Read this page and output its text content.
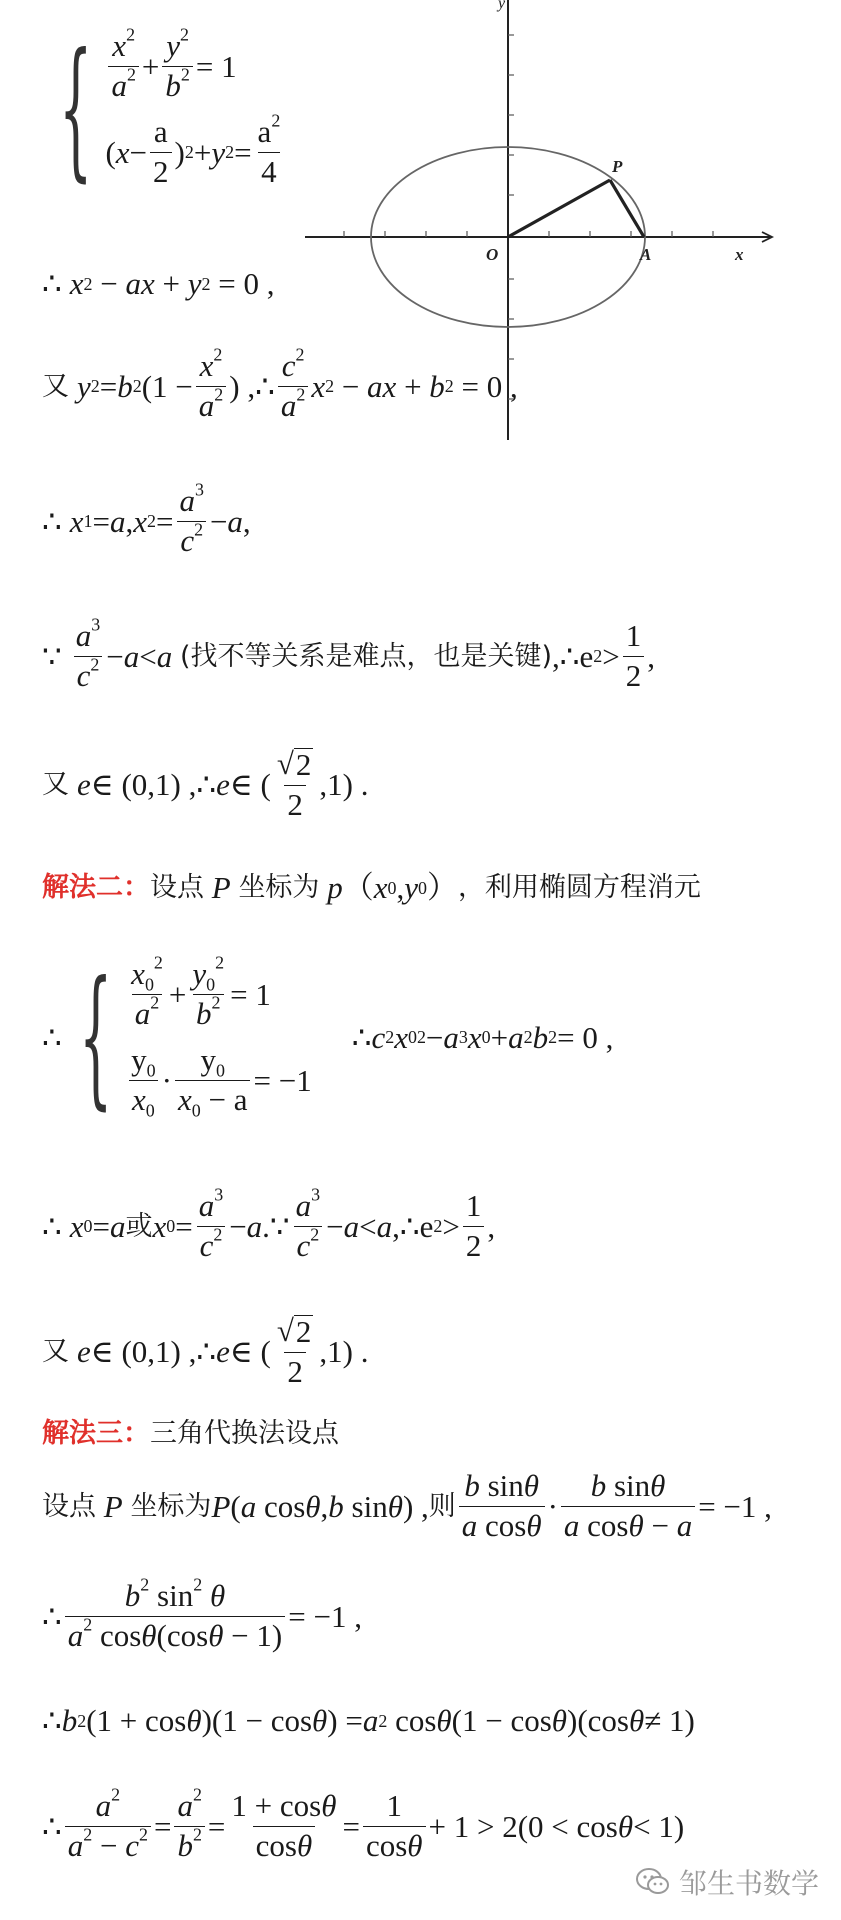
y
O
P
A	x
{ $\frac{x^2}{a^2} + \frac{y^2}{b^2} = 1$
( $x - \frac{a}{2}$ ) 2 + y $2 = \frac{a^2}{4}$
∴ x 2 − ax + y 2 = 0 ,
又 y 2 = b 2 ($1 - \frac{x^2}{a^2}$ ) , ∴ $\frac{c^2}{a^2}$ x 2 − ax + b 2 = 0 ,
∴ x 1 = a , x $2 = \frac{a^3}{c^2} - a$ ,
∵ $\frac{a^3}{c^2} - a < a$
(找不等关系是难点，也是关键) , ∴ e $2 > \frac{1}{2}$ ,
又 e ∈ (0,1) , ∴ e ∈ ( $\frac{√ 2}{2} ,1$) .
解法二： 设点
P
坐标为
p （ x 0 , y 0 ） ，利用椭圆方程消元
∴ { $\frac{x_0^2}{a^2} + \frac{y_0^2}{b^2} = 1$
$\frac{y_0}{x_0} \cdot \frac{y_0}{x_0 - a} = -1$
∴ c 2 x 0 2 − a 3 x 0 + a 2 b 2 = 0 ,
∴ x 0 = a 或 x $0 = \frac{a^3}{c^2} - a$ . ∵ $\frac{a^3}{c^2} - a < a$ , ∴ e $2 > \frac{1}{2}$ ,
又 e ∈ (0,1) , ∴ e ∈ ( $\frac{√ 2}{2} ,1$) .
解法三： 三角代换法设点
设点
P
坐标为 P ( a cos θ , b sin θ ) , 则 $\frac{\text{b sinθ}}{\text{a cosθ}} \cdot \frac{\text{b sinθ}}{\text{a cosθ − a}} = -1$ ,
∴ $\frac{b^2 \sin^2 \theta}{a^2 \cos\theta(\cos\theta - 1)} = -1$ ,
∴ b 2 (1 + cos θ )(1 − cos θ ) = a 2 cos θ (1 − cos θ )(cos θ ≠ 1)
∴ $\frac{a^2}{a^2 - c^2} = \frac{a^2}{b^2} = \frac{1 + \cos\theta}{\cos\theta} = \frac{1}{\cos\theta} + 1 > 2(0 < \cos \theta < 1)$
邹生书数学
